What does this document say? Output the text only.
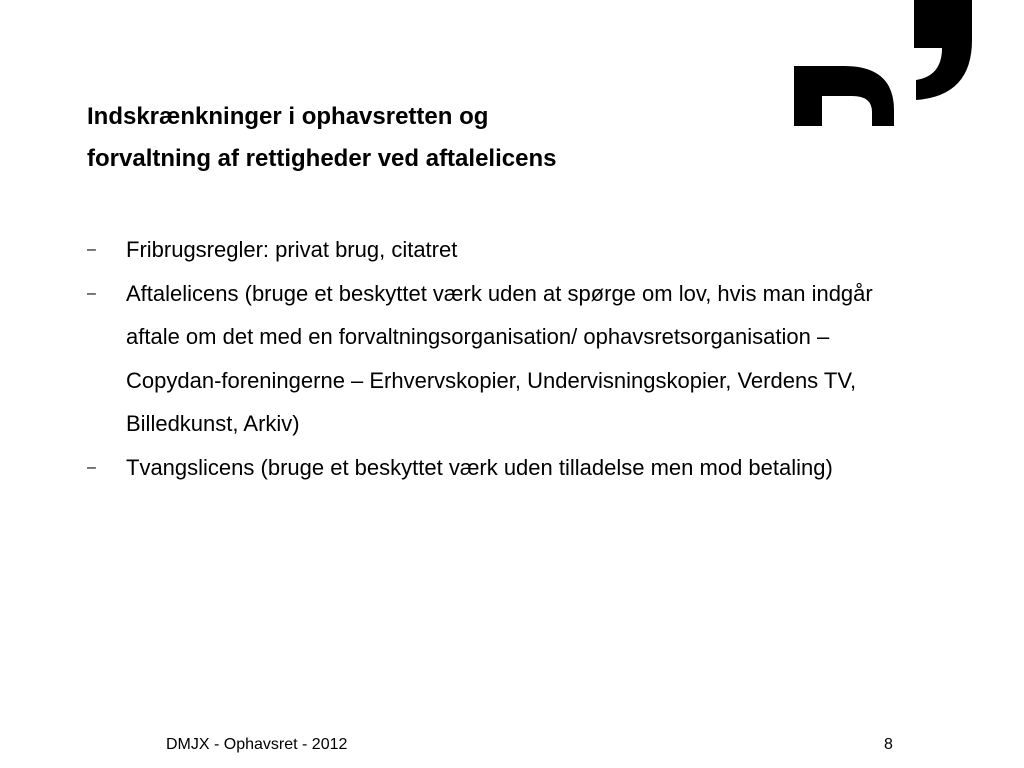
Indskrænkninger i ophavsretten og
forvaltning af rettigheder ved aftalelicens
–	Fribrugsregler: privat brug, citatret
–	Aftalelicens (bruge et beskyttet værk uden at spørge om lov, hvis man indgår aftale om det med en forvaltningsorganisation/ ophavsretsorganisation – Copydan-foreningerne – Erhvervskopier, Undervisningskopier, Verdens TV, Billedkunst, Arkiv)
–	Tvangslicens (bruge et beskyttet værk uden tilladelse men mod betaling)
DMJX - Ophavsret - 2012	8
